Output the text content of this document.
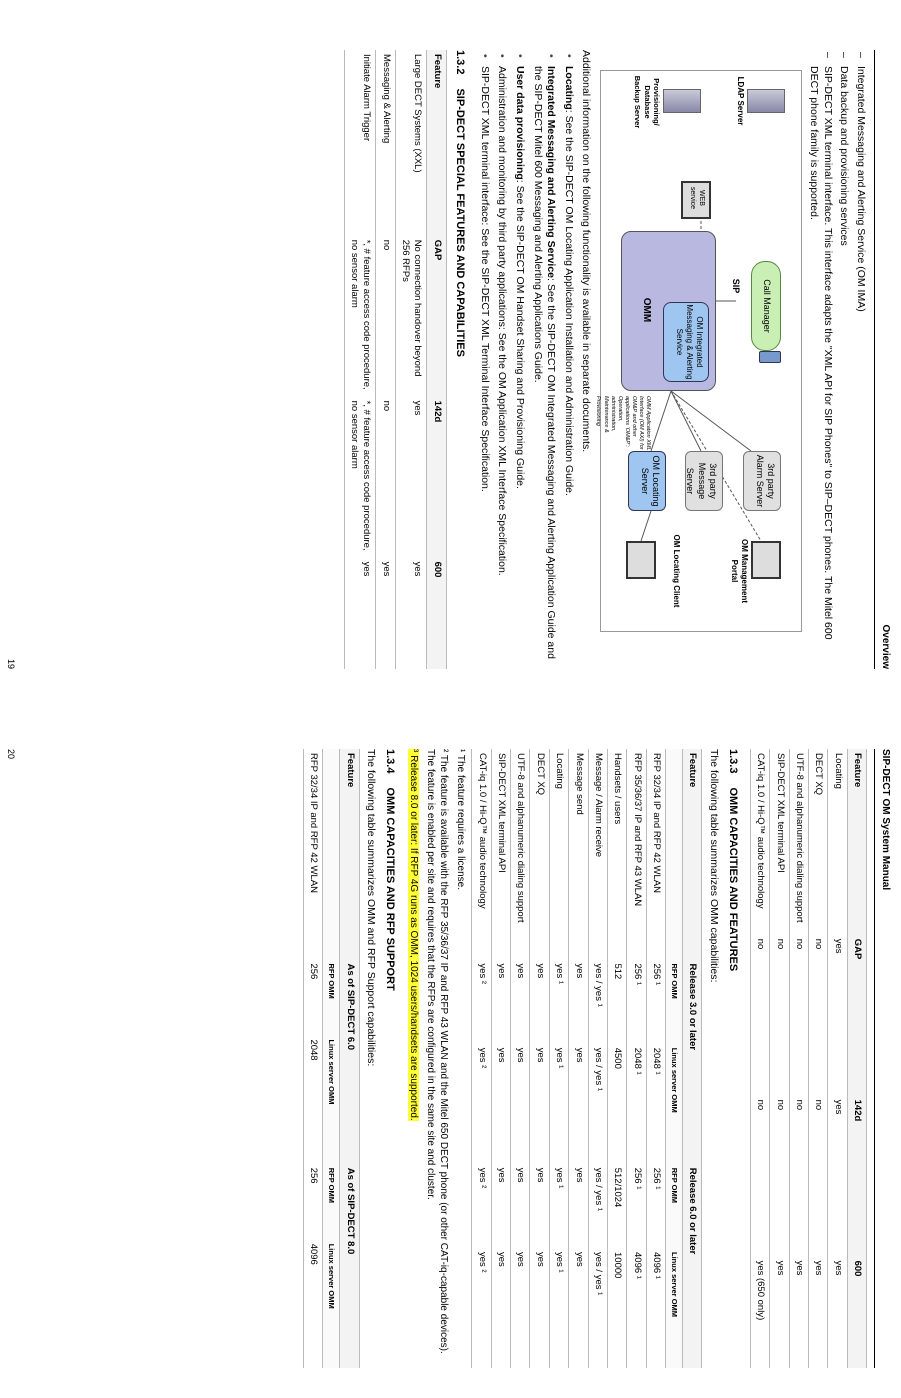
Overview
– Integrated Messaging and Alerting Service (OM IMA)
– Data backup and provisioning services
– SIP-DECT XML terminal interface. This interface adapts the "XML API for SIP Phones" to SIP–DECT phones. The Mitel 600 DECT phone family is supported.
LDAP Server
Provisioning/ Database Backup Server
WEB service
Call Manager
SIP
OMM
OM Integrated Messaging & Alerting Service
3rd party Alarm Server
3rd party Message Server
OM Locating Server
OM Management Portal
OM Locating Client
OMM Application XML Interface (OM AXI) for OM&P and other applications ‘OM&P’: Operation, administration, Maintenance & Provisioning
Additional information on the following functionality is available in separate documents.
• Locating: See the SIP-DECT OM Locating Application Installation and Administration Guide.
• Integrated Messaging and Alerting Service: See the SIP-DECT OM Integrated Messaging and Alerting Application Guide and the SIP-DECT Mitel 600 Messaging and Alerting Applications Guide.
• User data provisioning: See the SIP-DECT OM Handset Sharing and Provisioning Guide.
• Administration and monitoring by third party applications: See the OM Application XML Interface Specification.
• SIP-DECT XML terminal interface: See the SIP-DECT XML Terminal Interface Specification.
1.3.2SIP-DECT SPECIAL FEATURES AND CAPABILITIES
Feature	GAP	142d	600
Large DECT Systems (XXL)	No connection handover beyond 256 RFPs	yes	yes
Messaging & Alerting	no	no	yes
Initiate Alarm Trigger	*, # feature access code procedure, no sensor alarm	*, # feature access code procedure, no sensor alarm	yes
19
SIP-DECT OM System Manual
Feature	GAP	142d	600
Locating	yes	yes	yes
DECT XQ	no	no	yes
UTF-8 and alphanumeric dialing support	no	no	yes
SIP-DECT XML terminal API	no	no	yes
CAT-iq 1.0 / Hi-Q™ audio technology	no	no	yes (650 only)
1.3.3OMM CAPACITIES AND FEATURES
The following table summarizes OMM capabilities:
Feature	Release 3.0 or later		Release 6.0 or later	
	RFP OMM	Linux server OMM	RFP OMM	Linux server OMM
RFP 32/34 IP and RFP 42 WLAN	256 ¹	2048 ¹	256 ¹	4096 ¹
RFP 35/36/37 IP and RFP 43 WLAN	256 ¹	2048 ¹	256 ¹	4096 ¹
Handsets / users	512	4500	512/1024	10000
Message / Alarm receive	yes / yes ¹	yes / yes ¹	yes / yes ¹	yes / yes ¹
Message send	yes	yes	yes	yes
Locating	yes ¹	yes ¹	yes ¹	yes ¹
DECT XQ	yes	yes	yes	yes
UTF-8 and alphanumeric dialing support	yes	yes	yes	yes
SIP-DECT XML terminal API	yes	yes	yes	yes
CAT-iq 1.0 / Hi-Q™ audio technology	yes ²	yes ²	yes ²	yes ²
¹ The feature requires a license.
² The feature is available with the RFP 35/36/37 IP and RFP 43 WLAN and the Mitel 650 DECT phone (or other CAT-iq-capable devices). The feature is enabled per site and requires that the RFPs are configured in the same site and cluster.
³ Release 8.0 or later: If RFP 4G runs as OMM, 1024 users/handsets are supported.
1.3.4OMM CAPACITIES AND RFP SUPPORT
The following table summarizes OMM and RFP Support capabilities:
Feature	As of SIP-DECT 6.0		As of SIP-DECT 8.0	
	RFP OMM	Linux server OMM	RFP OMM	Linux server OMM
RFP 32/34 IP and RFP 42 WLAN	256	2048	256	4096
20
